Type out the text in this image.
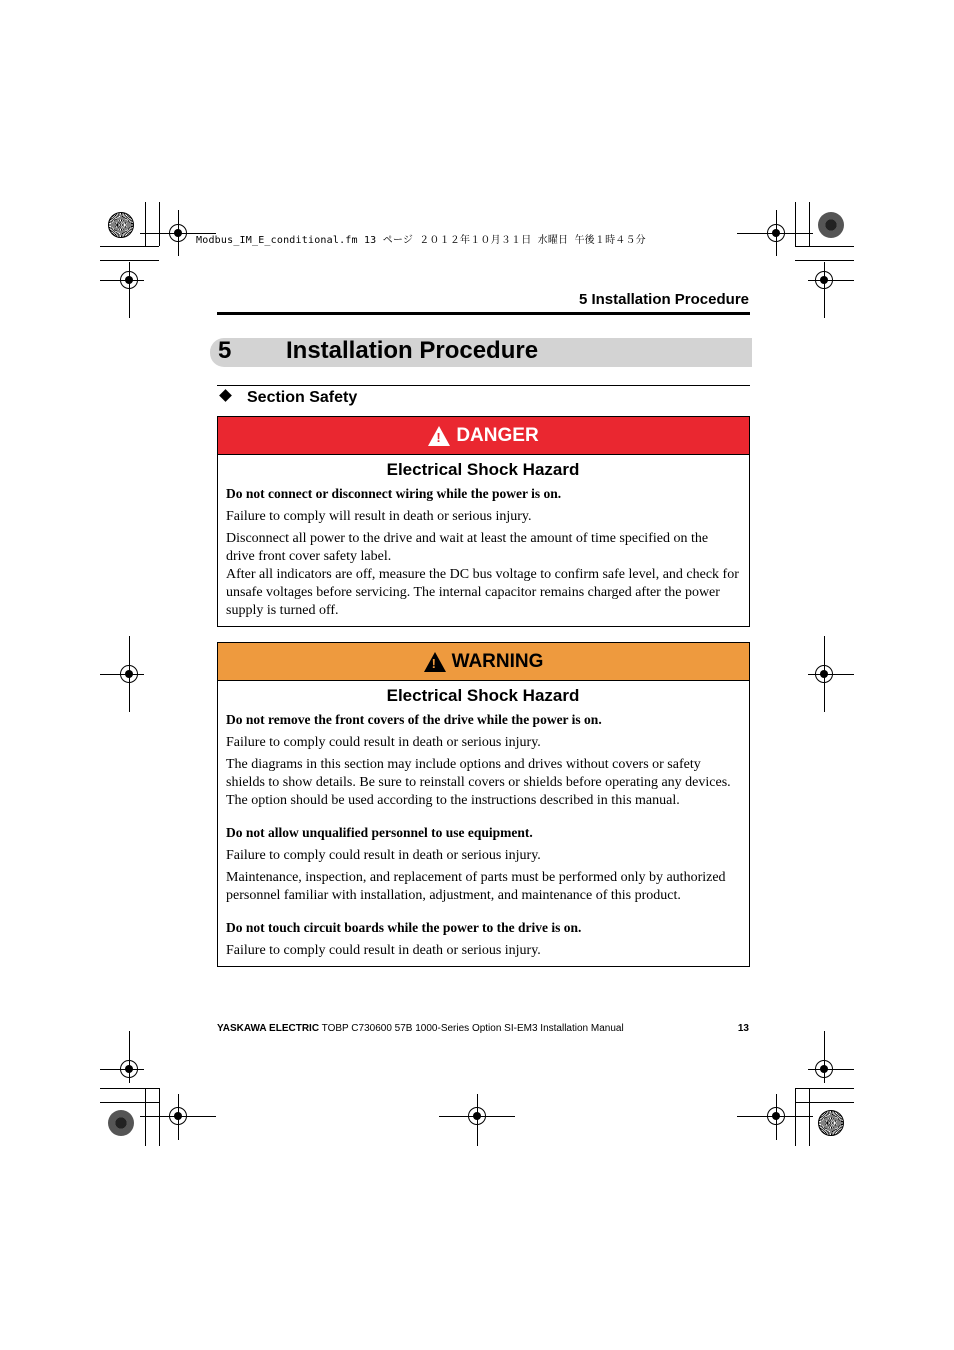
Modbus_IM_E_conditional.fm 13 ページ ２０１２年１０月３１日 水曜日 午後１時４５分
5 Installation Procedure
5 Installation Procedure
Section Safety
! DANGER
Electrical Shock Hazard
Do not connect or disconnect wiring while the power is on.
Failure to comply will result in death or serious injury.
Disconnect all power to the drive and wait at least the amount of time specified on the drive front cover safety label.
After all indicators are off, measure the DC bus voltage to confirm safe level, and check for unsafe voltages before servicing. The internal capacitor remains charged after the power supply is turned off.
! WARNING
Electrical Shock Hazard
Do not remove the front covers of the drive while the power is on.
Failure to comply could result in death or serious injury.
The diagrams in this section may include options and drives without covers or safety shields to show details. Be sure to reinstall covers or shields before operating any devices. The option should be used according to the instructions described in this manual.
Do not allow unqualified personnel to use equipment.
Failure to comply could result in death or serious injury.
Maintenance, inspection, and replacement of parts must be performed only by authorized personnel familiar with installation, adjustment, and maintenance of this product.
Do not touch circuit boards while the power to the drive is on.
Failure to comply could result in death or serious injury.
YASKAWA ELECTRIC TOBP C730600 57B 1000-Series Option SI-EM3 Installation Manual	13
